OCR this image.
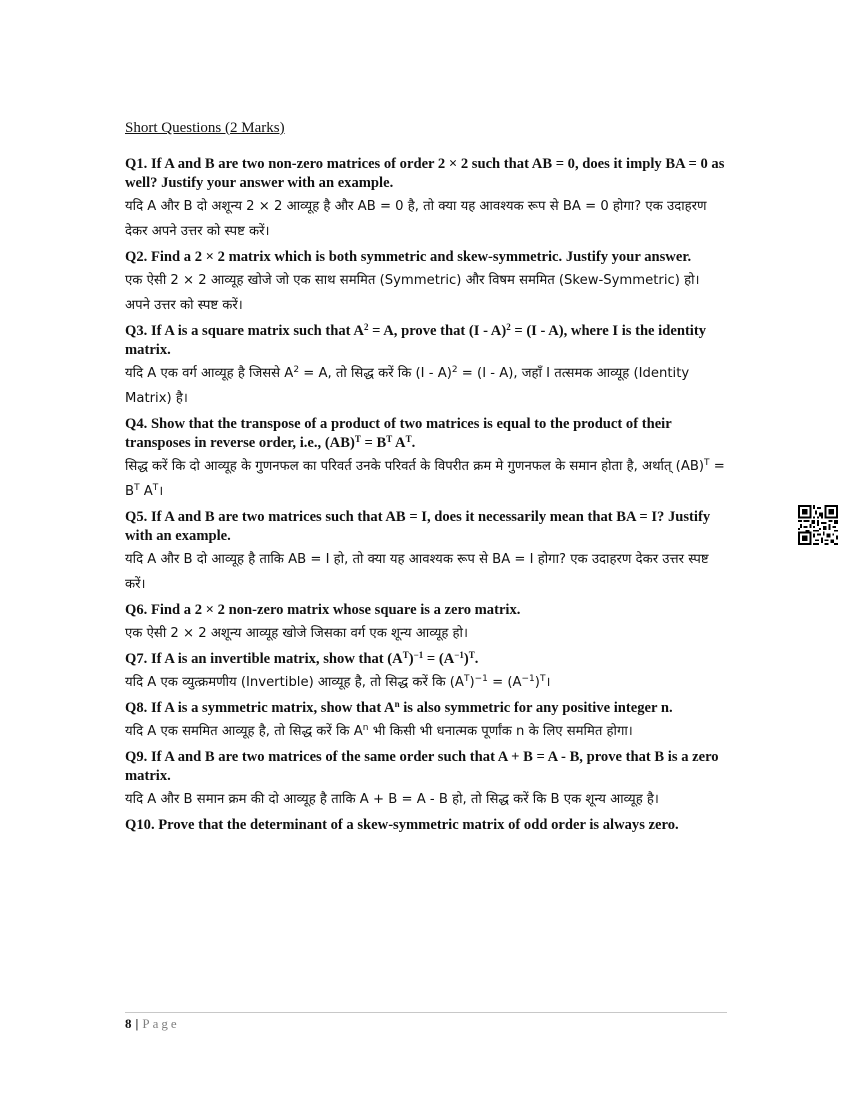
Short Questions (2 Marks)

Q1. If A and B are two non-zero matrices of order 2 × 2 such that AB = 0, does it imply BA = 0 as well? Justify your answer with an example.

यदि A और B दो अशून्य 2 × 2 आव्यूह है और AB = 0 है, तो क्या यह आवश्यक रूप से BA = 0 होगा? एक उदाहरण देकर अपने उत्तर को स्पष्ट करें।

Q2. Find a 2 × 2 matrix which is both symmetric and skew-symmetric. Justify your answer.

एक ऐसी 2 × 2 आव्यूह खोजे जो एक साथ सममित (Symmetric) और विषम सममित (Skew-Symmetric) हो। अपने उत्तर को स्पष्ट करें।

Q3. If A is a square matrix such that $A^2 = A$, prove that (I - A)$^2$ = (I - A), where I is the identity matrix.

यदि A एक वर्ग आव्यूह है जिससे $A^2 = A$, तो सिद्ध करें कि (I - A)$^2$ = (I - A), जहाँ I तत्समक आव्यूह (Identity Matrix) है।

Q4. Show that the transpose of a product of two matrices is equal to the product of their transposes in reverse order, i.e., $(AB)^T = B^T$ $A^T$.

सिद्ध करें कि दो आव्यूह के गुणनफल का परिवर्त उनके परिवर्त के विपरीत क्रम मे गुणनफल के समान होता है, अर्थात् $(AB)^T = B^T$ $A^T।$

Q5. If A and B are two matrices such that AB = I, does it necessarily mean that BA = I? Justify with an example.

यदि A और B दो आव्यूह है ताकि AB = I हो, तो क्या यह आवश्यक रूप से BA = I होगा? एक उदाहरण देकर उत्तर स्पष्ट करें।

Q6. Find a 2 × 2 non-zero matrix whose square is a zero matrix.

एक ऐसी 2 × 2 अशून्य आव्यूह खोजे जिसका वर्ग एक शून्य आव्यूह हो।

Q7. If A is an invertible matrix, show that $(A^T)^{-1} = (A^{-1})^T$.

यदि A एक व्युत्क्रमणीय (Invertible) आव्यूह है, तो सिद्ध करें कि $(A^T)^{-1}$ = $(A^{-1})^T।$

Q8. If A is a symmetric matrix, show that $A^n$ is also symmetric for any positive integer n.

यदि A एक सममित आव्यूह है, तो सिद्ध करें कि $A^n$ भी किसी भी धनात्मक पूर्णांक n के लिए सममित होगा।

Q9. If A and B are two matrices of the same order such that A + B = A - B, prove that B is a zero matrix.

यदि A और B समान क्रम की दो आव्यूह है ताकि A + B = A - B हो, तो सिद्ध करें कि B एक शून्य आव्यूह है।

Q10. Prove that the determinant of a skew-symmetric matrix of odd order is always zero.

8 | Page
